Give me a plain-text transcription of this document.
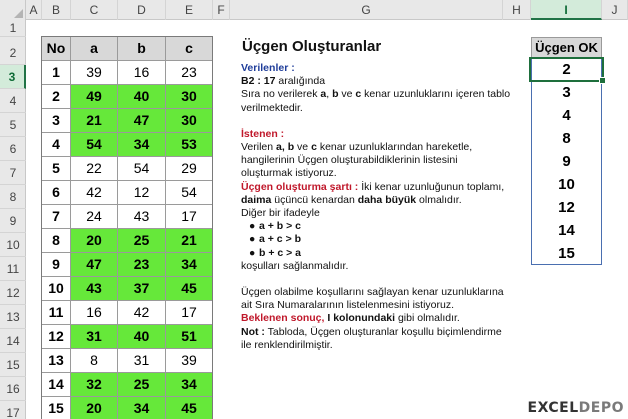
A	B	C	D	E	F	G	H	I	J
1
2
3
4
5
6
7
8
9
10
11
12
13
14
15
16
17
No	a	b	c
1	39	16	23
2	49	40	30
3	21	47	30
4	54	34	53
5	22	54	29
6	42	12	54
7	24	43	17
8	20	25	21
9	47	23	34
10	43	37	45
11	16	42	17
12	31	40	51
13	8	31	39
14	32	25	34
15	20	34	45
Üçgen Oluşturanlar
Verilenler :
B2 : 17 aralığında
Sıra no verilerek a, b ve c kenar uzunluklarını içeren tablo verilmektedir.
İstenen :
Verilen a, b ve c kenar uzunluklarından hareketle, hangilerinin Üçgen oluşturabildiklerinin listesini oluşturmak istiyoruz.
Üçgen oluşturma şartı : İki kenar uzunluğunun toplamı, daima üçüncü kenardan daha büyük olmalıdır.
Diğer bir ifadeyle
● a + b > c
● a + c > b
● b + c > a
koşulları sağlanmalıdır.
Üçgen olabilme koşullarını sağlayan kenar uzunluklarına ait Sıra Numaralarının listelenmesini istiyoruz.
Beklenen sonuç, I kolonundaki gibi olmalıdır.
Not : Tabloda, Üçgen oluşturanlar koşullu biçimlendirme ile renklendirilmiştir.
Üçgen OK
2
3
4
8
9
10
12
14
15
EXCELDEPO
